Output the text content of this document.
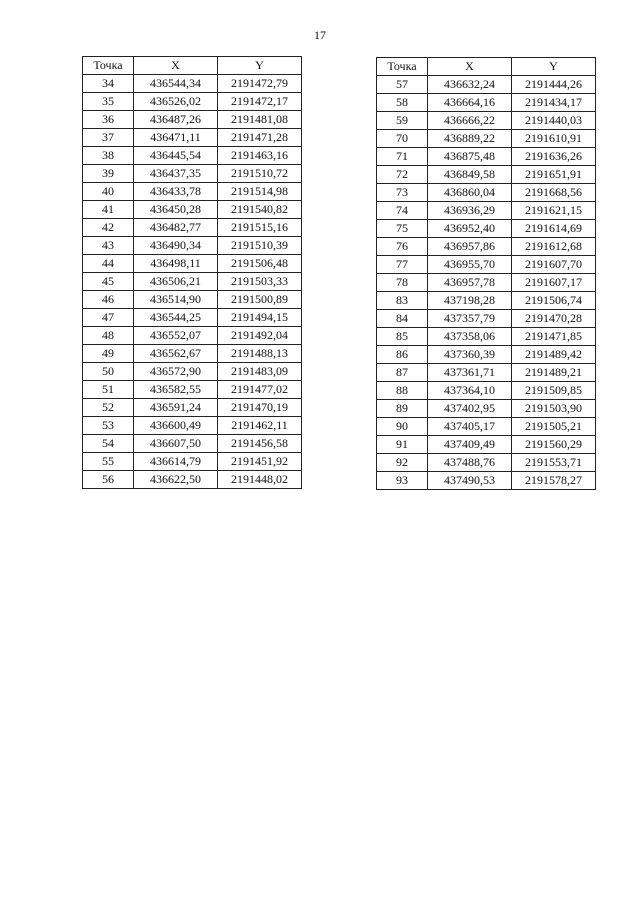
17
Точка	X	Y
34	436544,34	2191472,79
35	436526,02	2191472,17
36	436487,26	2191481,08
37	436471,11	2191471,28
38	436445,54	2191463,16
39	436437,35	2191510,72
40	436433,78	2191514,98
41	436450,28	2191540,82
42	436482,77	2191515,16
43	436490,34	2191510,39
44	436498,11	2191506,48
45	436506,21	2191503,33
46	436514,90	2191500,89
47	436544,25	2191494,15
48	436552,07	2191492,04
49	436562,67	2191488,13
50	436572,90	2191483,09
51	436582,55	2191477,02
52	436591,24	2191470,19
53	436600,49	2191462,11
54	436607,50	2191456,58
55	436614,79	2191451,92
56	436622,50	2191448,02
Точка	X	Y
57	436632,24	2191444,26
58	436664,16	2191434,17
59	436666,22	2191440,03
70	436889,22	2191610,91
71	436875,48	2191636,26
72	436849,58	2191651,91
73	436860,04	2191668,56
74	436936,29	2191621,15
75	436952,40	2191614,69
76	436957,86	2191612,68
77	436955,70	2191607,70
78	436957,78	2191607,17
83	437198,28	2191506,74
84	437357,79	2191470,28
85	437358,06	2191471,85
86	437360,39	2191489,42
87	437361,71	2191489,21
88	437364,10	2191509,85
89	437402,95	2191503,90
90	437405,17	2191505,21
91	437409,49	2191560,29
92	437488,76	2191553,71
93	437490,53	2191578,27
